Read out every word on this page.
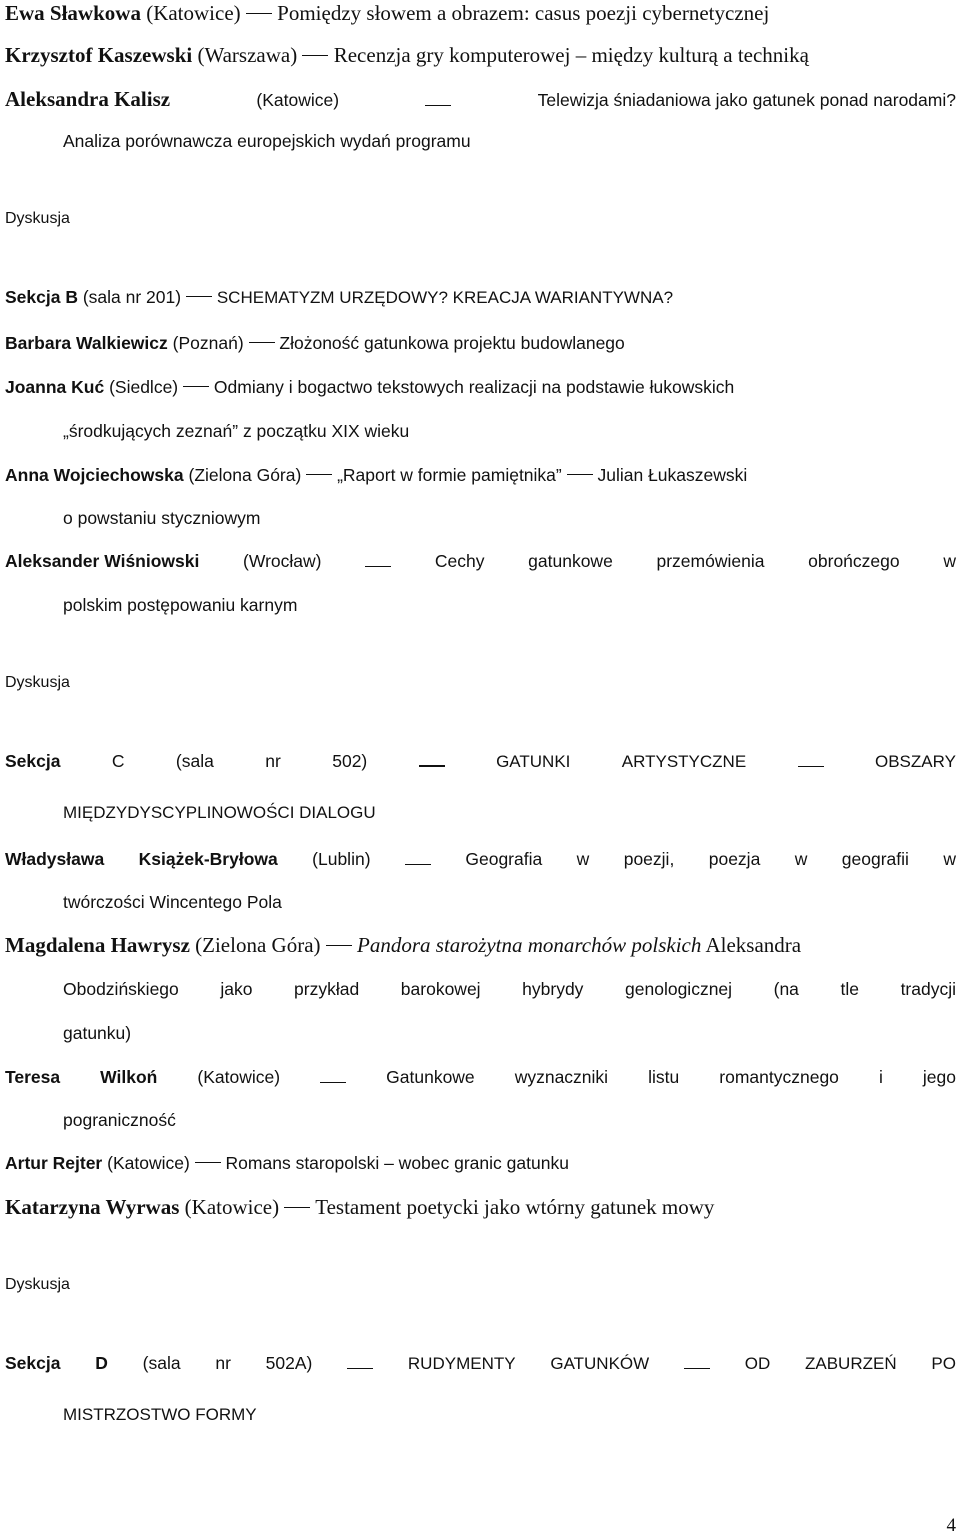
Ewa Sławkowa (Katowice) Pomiędzy słowem a obrazem: casus poezji cybernetycznej
Krzysztof Kaszewski (Warszawa) Recenzja gry komputerowej – między kulturą a techniką
Aleksandra Kalisz	(Katowice)	Telewizja śniadaniowa jako gatunek ponad narodami?
Analiza porównawcza europejskich wydań programu
Dyskusja
Sekcja B (sala nr 201) SCHEMATYZM URZĘDOWY? KREACJA WARIANTYWNA?
Barbara Walkiewicz (Poznań) Złożoność gatunkowa projektu budowlanego
Joanna Kuć (Siedlce) Odmiany i bogactwo tekstowych realizacji na podstawie łukowskich
„środkujących zeznań” z początku XIX wieku
Anna Wojciechowska (Zielona Góra) „Raport w formie pamiętnika” Julian Łukaszewski
o powstaniu styczniowym
Aleksander Wiśniowski (Wrocław)	Cechy gatunkowe przemówienia obrończego w
polskim postępowaniu karnym
Dyskusja
Sekcja	C	(sala	nr	502)	GATUNKI	ARTYSTYCZNE	OBSZARY
MIĘDZYDYSCYPLINOWOŚCI DIALOGU
Władysława Książek-Bryłowa (Lublin)	Geografia w poezji, poezja w geografii w
twórczości Wincentego Pola
Magdalena Hawrysz (Zielona Góra) Pandora starożytna monarchów polskich Aleksandra
Obodzińskiego jako przykład barokowej hybrydy genologicznej (na tle tradycji
gatunku)
Teresa Wilkoń (Katowice)	Gatunkowe wyznaczniki listu romantycznego i jego
pograniczność
Artur Rejter (Katowice) Romans staropolski – wobec granic gatunku
Katarzyna Wyrwas (Katowice) Testament poetycki jako wtórny gatunek mowy
Dyskusja
Sekcja D (sala nr 502A)	RUDYMENTY GATUNKÓW	OD ZABURZEŃ PO
MISTRZOSTWO FORMY
4
